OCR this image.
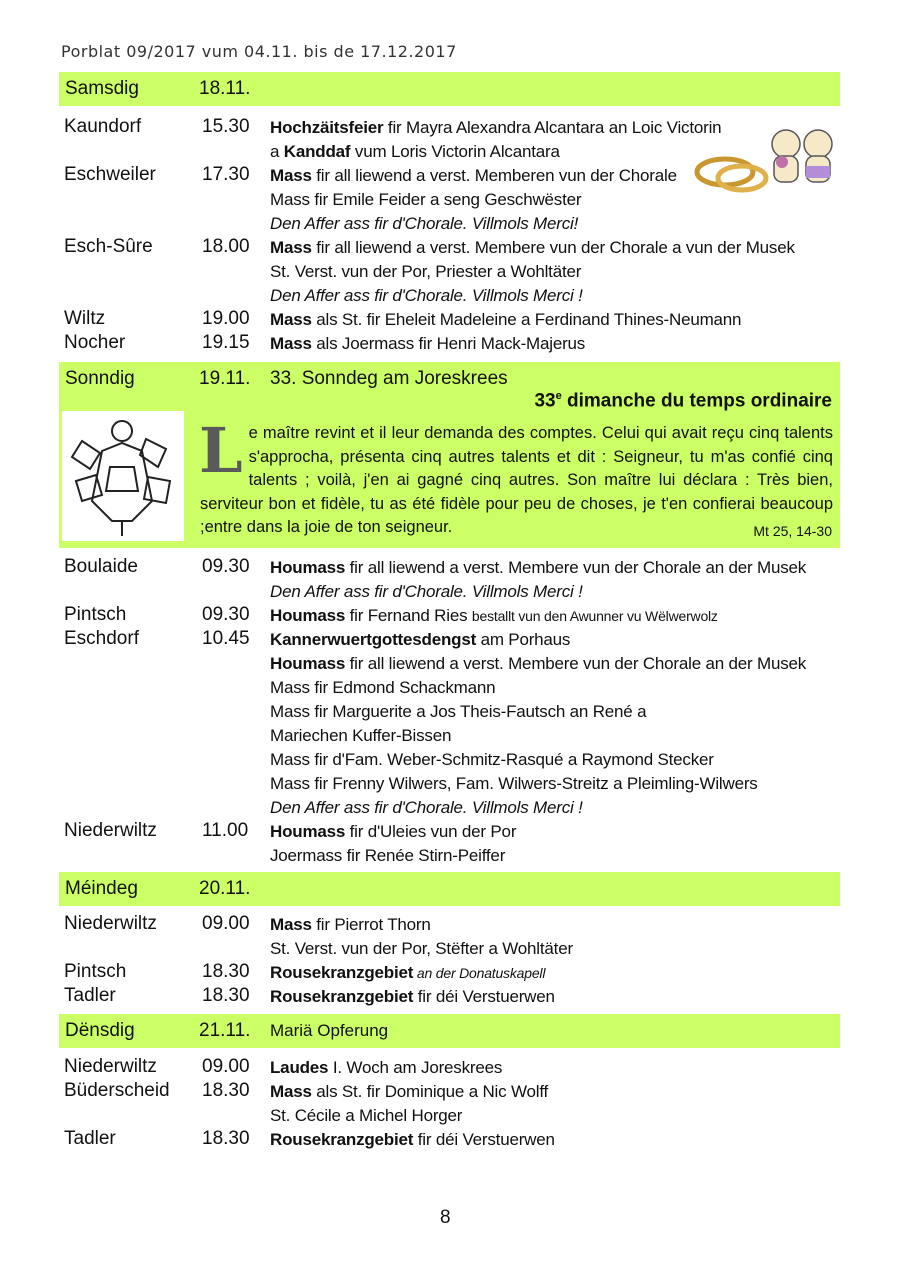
Porblat 09/2017 vum 04.11. bis de 17.12.2017
Samsdig	18.11.
Kaundorf	15.30 Hochzäitsfeier fir Mayra Alexandra Alcantara an Loic Victorin
a Kanddaf vum Loris Victorin Alcantara
Eschweiler 17.30 Mass fir all liewend a verst. Memberen vun der Chorale
Mass fir Emile Feider a seng Geschwëster
Den Affer ass fir d'Chorale. Villmols Merci!
Esch-Sûre	18.00 Mass fir all liewend a verst. Membere vun der Chorale a vun der Musek
St. Verst. vun der Por, Priester a Wohltäter
Den Affer ass fir d'Chorale. Villmols Merci !
Wiltz	19.00 Mass als St. fir Eheleit Madeleine a Ferdinand Thines-Neumann
Nocher	19.15 Mass als Joermass fir Henri Mack-Majerus
Sonndig	19.11. 33. Sonndeg am Joreskrees
33e dimanche du temps ordinaire
Le maître revint et il leur demanda des comptes. Celui qui avait reçu cinq talents s'approcha, présenta cinq autres talents et dit : Seigneur, tu m'as confié cinq talents ; voilà, j'en ai gagné cinq autres. Son maître lui déclara : Très bien, serviteur bon et fidèle, tu as été fidèle pour peu de choses, je t'en confierai beaucoup ;entre dans la joie de ton seigneur.	Mt 25, 14-30
Boulaide	09.30 Houmass fir all liewend a verst. Membere vun der Chorale an der Musek
Den Affer ass fir d'Chorale. Villmols Merci !
Pintsch	09.30 Houmass fir Fernand Ries bestallt vun den Awunner vu Wëlwerwolz
Eschdorf	10.45 Kannerwuertgottesdengst am Porhaus
Houmass fir all liewend a verst. Membere vun der Chorale an der Musek
Mass fir Edmond Schackmann
Mass fir Marguerite a Jos Theis-Fautsch an René a
Mariechen Kuffer-Bissen
Mass fir d'Fam. Weber-Schmitz-Rasqué a Raymond Stecker
Mass fir Frenny Wilwers, Fam. Wilwers-Streitz a Pleimling-Wilwers
Den Affer ass fir d'Chorale. Villmols Merci !
Niederwiltz 11.00 Houmass fir d'Uleies vun der Por
Joermass fir Renée Stirn-Peiffer
Méindeg	20.11.
Niederwiltz 09.00 Mass fir Pierrot Thorn
St. Verst. vun der Por, Stëfter a Wohltäter
Pintsch	18.30 Rousekranzgebiet an der Donatuskapell
Tadler	18.30 Rousekranzgebiet fir déi Verstuerwen
Dënsdig	21.11. Mariä Opferung
Niederwiltz 09.00 Laudes I. Woch am Joreskrees
Büderscheid 18.30 Mass als St. fir Dominique a Nic Wolff
St. Cécile a Michel Horger
Tadler	18.30 Rousekranzgebiet fir déi Verstuerwen
8
